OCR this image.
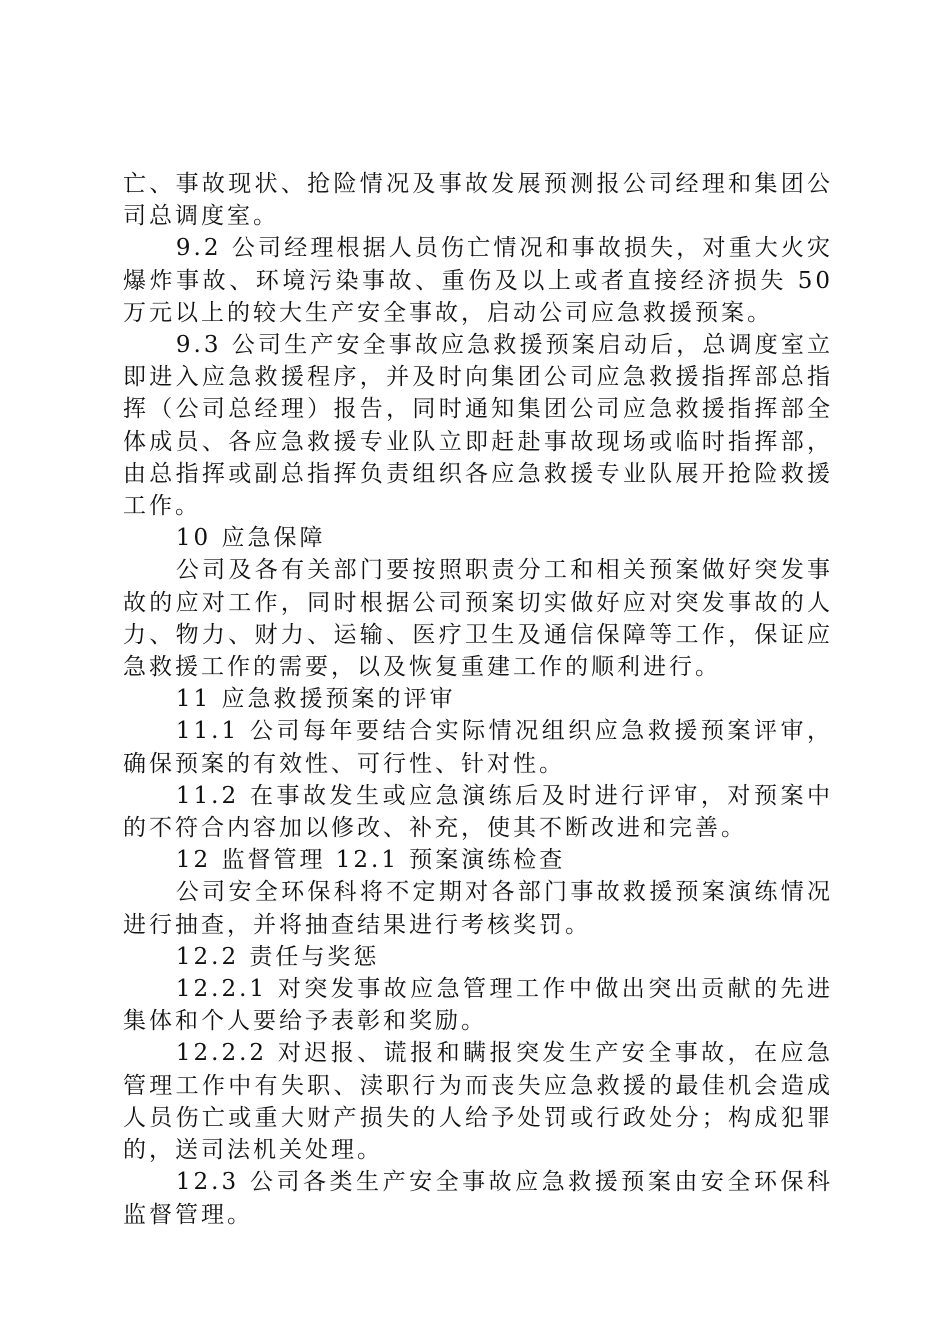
亡、事故现状、抢险情况及事故发展预测报公司经理和集团公司总调度室。

9.2 公司经理根据人员伤亡情况和事故损失，对重大火灾爆炸事故、环境污染事故、重伤及以上或者直接经济损失 50 万元以上的较大生产安全事故，启动公司应急救援预案。

9.3 公司生产安全事故应急救援预案启动后，总调度室立即进入应急救援程序，并及时向集团公司应急救援指挥部总指挥（公司总经理）报告，同时通知集团公司应急救援指挥部全体成员、各应急救援专业队立即赶赴事故现场或临时指挥部，由总指挥或副总指挥负责组织各应急救援专业队展开抢险救援工作。

10 应急保障

公司及各有关部门要按照职责分工和相关预案做好突发事故的应对工作，同时根据公司预案切实做好应对突发事故的人力、物力、财力、运输、医疗卫生及通信保障等工作，保证应急救援工作的需要，以及恢复重建工作的顺利进行。

11 应急救援预案的评审

11.1 公司每年要结合实际情况组织应急救援预案评审，确保预案的有效性、可行性、针对性。

11.2 在事故发生或应急演练后及时进行评审，对预案中的不符合内容加以修改、补充，使其不断改进和完善。

12 监督管理 12.1 预案演练检查

公司安全环保科将不定期对各部门事故救援预案演练情况进行抽查，并将抽查结果进行考核奖罚。

12.2 责任与奖惩

12.2.1 对突发事故应急管理工作中做出突出贡献的先进集体和个人要给予表彰和奖励。

12.2.2 对迟报、谎报和瞒报突发生产安全事故，在应急管理工作中有失职、渎职行为而丧失应急救援的最佳机会造成人员伤亡或重大财产损失的人给予处罚或行政处分；构成犯罪的，送司法机关处理。

12.3 公司各类生产安全事故应急救援预案由安全环保科监督管理。
